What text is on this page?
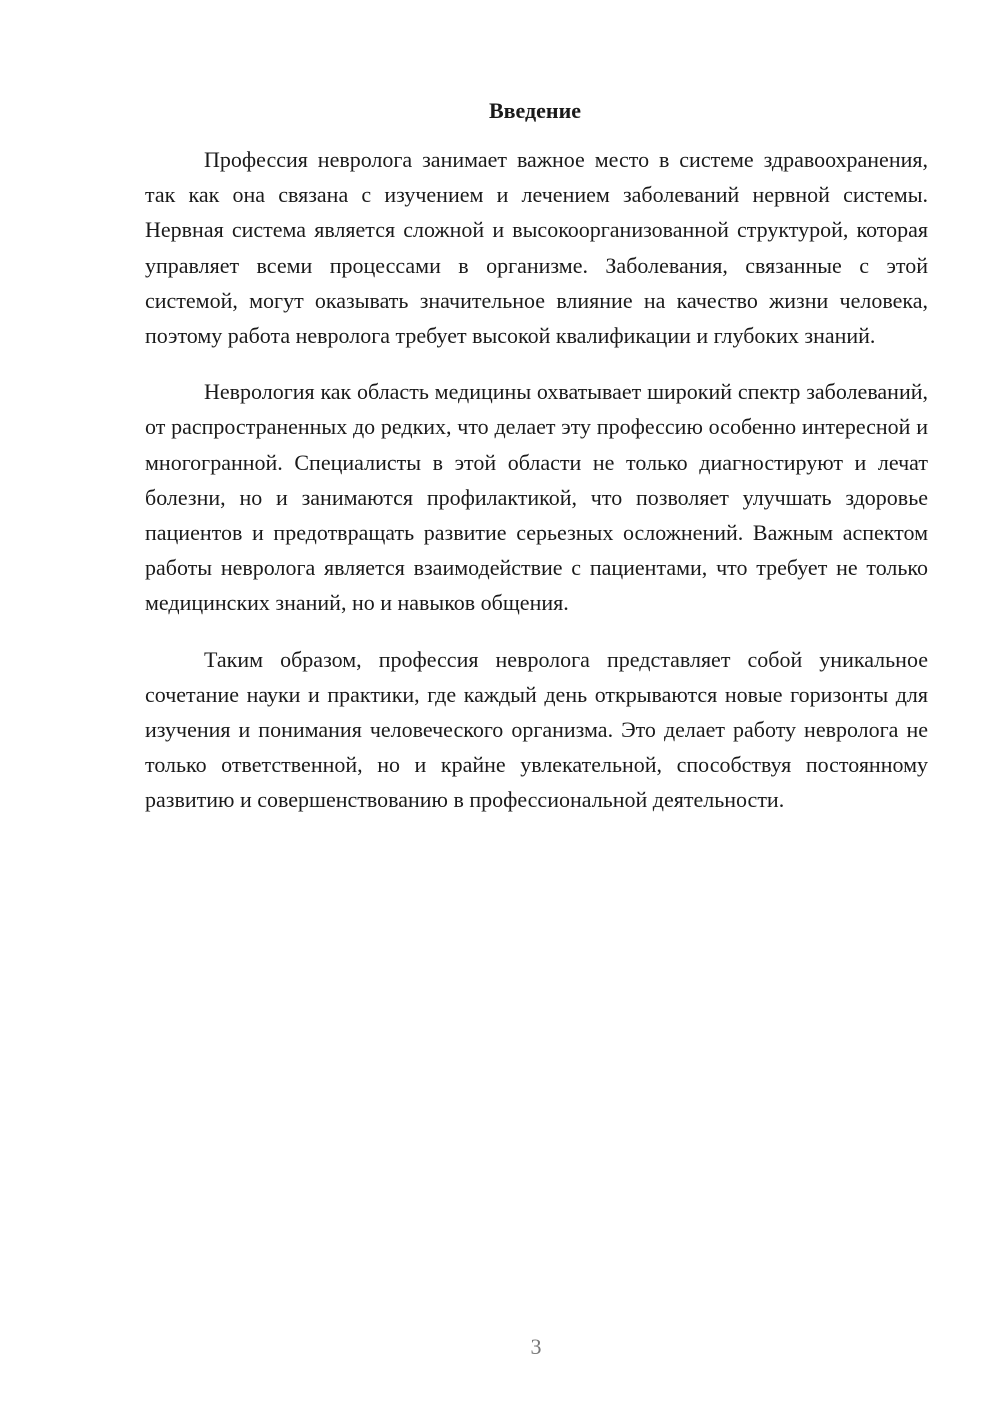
Введение

Профессия невролога занимает важное место в системе здравоохранения, так как она связана с изучением и лечением заболеваний нервной системы. Нервная система является сложной и высокоорганизованной структурой, которая управляет всеми процессами в организме. Заболевания, связанные с этой системой, могут оказывать значительное влияние на качество жизни человека, поэтому работа невролога требует высокой квалификации и глубоких знаний.

Неврология как область медицины охватывает широкий спектр заболеваний, от распространенных до редких, что делает эту профессию особенно интересной и многогранной. Специалисты в этой области не только диагностируют и лечат болезни, но и занимаются профилактикой, что позволяет улучшать здоровье пациентов и предотвращать развитие серьезных осложнений. Важным аспектом работы невролога является взаимодействие с пациентами, что требует не только медицинских знаний, но и навыков общения.

Таким образом, профессия невролога представляет собой уникальное сочетание науки и практики, где каждый день открываются новые горизонты для изучения и понимания человеческого организма. Это делает работу невролога не только ответственной, но и крайне увлекательной, способствуя постоянному развитию и совершенствованию в профессиональной деятельности.

3
